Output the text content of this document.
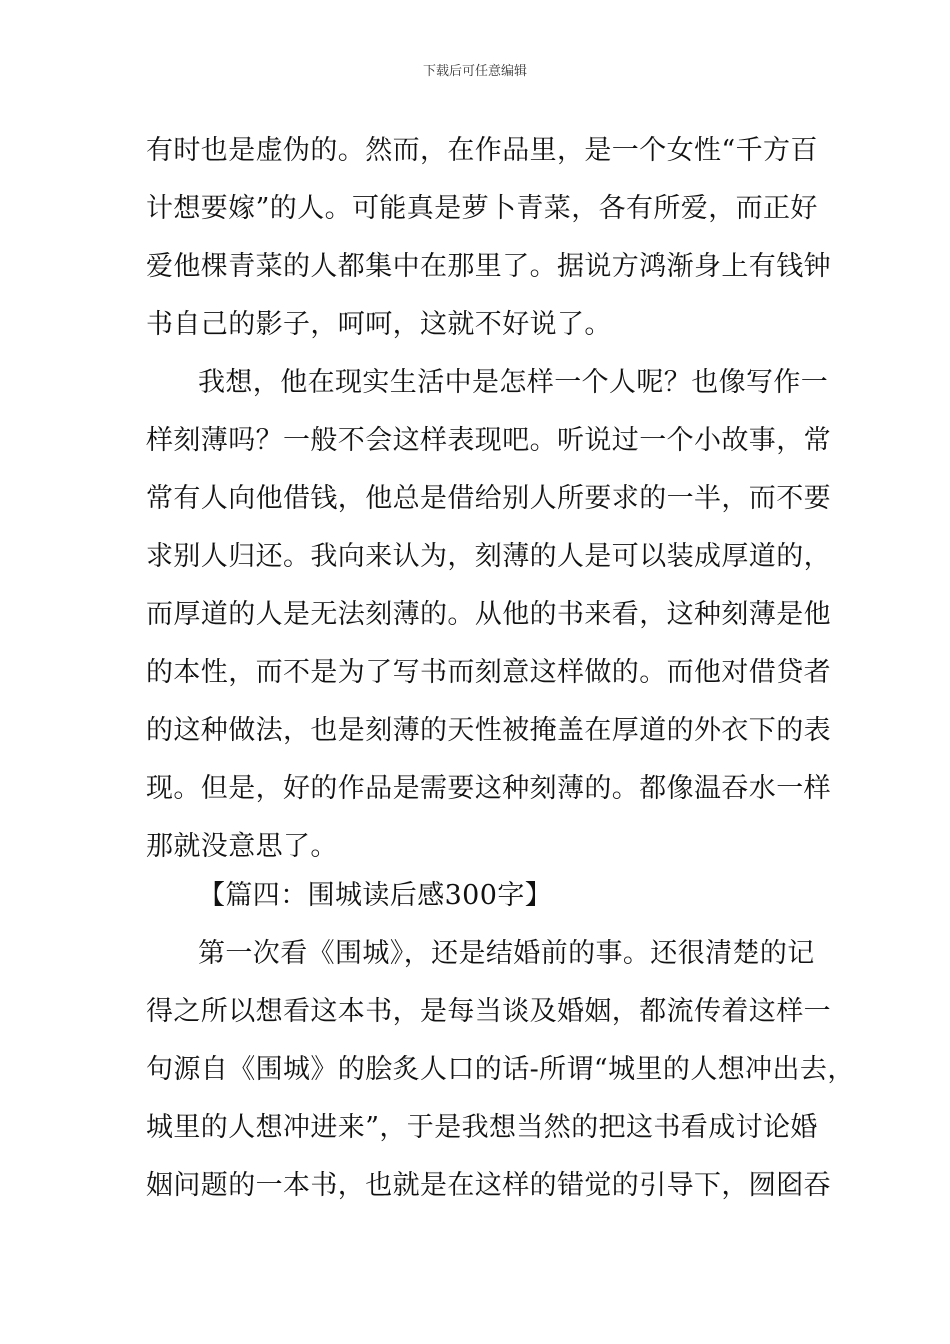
下载后可任意编辑
有时也是虚伪的。然而，在作品里，是一个女性“千方百
计想要嫁”的人。可能真是萝卜青菜，各有所爱，而正好
爱他棵青菜的人都集中在那里了。据说方鸿渐身上有钱钟
书自己的影子，呵呵，这就不好说了。
我想，他在现实生活中是怎样一个人呢？也像写作一
样刻薄吗？一般不会这样表现吧。听说过一个小故事，常
常有人向他借钱，他总是借给别人所要求的一半，而不要
求别人归还。我向来认为，刻薄的人是可以装成厚道的，
而厚道的人是无法刻薄的。从他的书来看，这种刻薄是他
的本性，而不是为了写书而刻意这样做的。而他对借贷者
的这种做法，也是刻薄的天性被掩盖在厚道的外衣下的表
现。但是，好的作品是需要这种刻薄的。都像温吞水一样
那就没意思了。
【篇四：围城读后感300字】
第一次看《围城》，还是结婚前的事。还很清楚的记
得之所以想看这本书，是每当谈及婚姻，都流传着这样一
句源自《围城》的脍炙人口的话-所谓“城里的人想冲出去，
城里的人想冲进来”，于是我想当然的把这书看成讨论婚
姻问题的一本书，也就是在这样的错觉的引导下，囫囵吞
